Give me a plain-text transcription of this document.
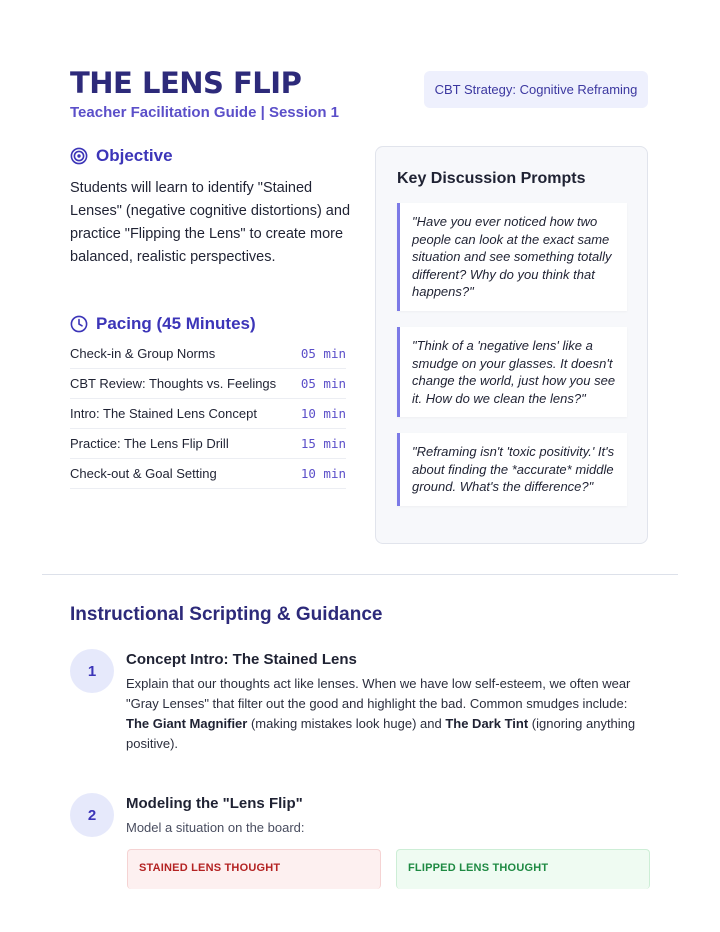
THE LENS FLIP
Teacher Facilitation Guide | Session 1
CBT Strategy: Cognitive Reframing
Objective

Students will learn to identify "Stained Lenses" (negative cognitive distortions) and practice "Flipping the Lens" to create more balanced, realistic perspectives.

Pacing (45 Minutes)
Check-in & Group Norms	05 min
CBT Review: Thoughts vs. Feelings 05 min
Intro: The Stained Lens Concept	10 min
Practice: The Lens Flip Drill	15 min
Check-out & Goal Setting	10 min
Key Discussion Prompts
"Have you ever noticed how two people can look at the exact same situation and see something totally different? Why do you think that happens?"
"Think of a 'negative lens' like a smudge on your glasses. It doesn't change the world, just how you see it. How do we clean the lens?"
"Reframing isn't 'toxic positivity.' It's about finding the *accurate* middle ground. What's the difference?"
Instructional Scripting & Guidance
1
Concept Intro: The Stained Lens

Explain that our thoughts act like lenses. When we have low self-esteem, we often wear "Gray Lenses" that filter out the good and highlight the bad. Common smudges include: The Giant Magnifier (making mistakes look huge) and The Dark Tint (ignoring anything positive).

2
Modeling the "Lens Flip"

Model a situation on the board:

STAINED LENS THOUGHT	FLIPPED LENS THOUGHT
